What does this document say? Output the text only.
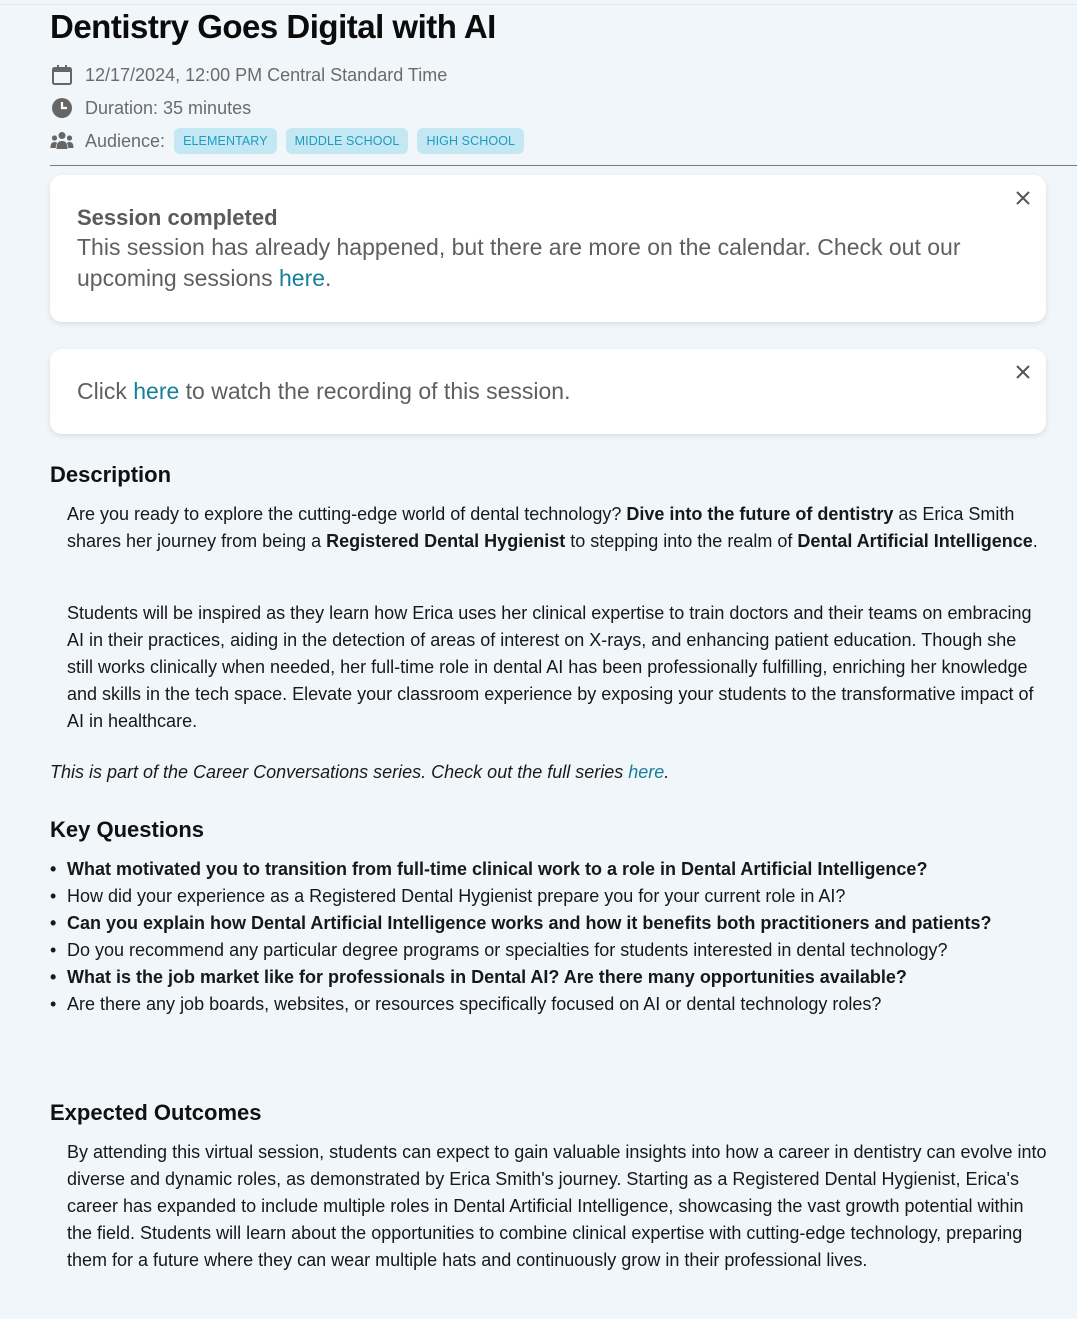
Dentistry Goes Digital with AI
12/17/2024, 12:00 PM Central Standard Time
Duration: 35 minutes
Audience:	ELEMENTARY	MIDDLE SCHOOL	HIGH SCHOOL
Session completed
This session has already happened, but there are more on the calendar. Check out our upcoming sessions here.
Click here to watch the recording of this session.
Description

Are you ready to explore the cutting-edge world of dental technology? Dive into the future of dentistry as Erica Smith shares her journey from being a Registered Dental Hygienist to stepping into the realm of Dental Artificial Intelligence.

Students will be inspired as they learn how Erica uses her clinical expertise to train doctors and their teams on embracing AI in their practices, aiding in the detection of areas of interest on X-rays, and enhancing patient education. Though she still works clinically when needed, her full-time role in dental AI has been professionally fulfilling, enriching her knowledge and skills in the tech space. Elevate your classroom experience by exposing your students to the transformative impact of AI in healthcare.

This is part of the Career Conversations series. Check out the full series here.

Key Questions
• What motivated you to transition from full-time clinical work to a role in Dental Artificial Intelligence?
• How did your experience as a Registered Dental Hygienist prepare you for your current role in AI?
• Can you explain how Dental Artificial Intelligence works and how it benefits both practitioners and patients?
• Do you recommend any particular degree programs or specialties for students interested in dental technology?
• What is the job market like for professionals in Dental AI? Are there many opportunities available?
• Are there any job boards, websites, or resources specifically focused on AI or dental technology roles?
Expected Outcomes

By attending this virtual session, students can expect to gain valuable insights into how a career in dentistry can evolve into diverse and dynamic roles, as demonstrated by Erica Smith's journey. Starting as a Registered Dental Hygienist, Erica's career has expanded to include multiple roles in Dental Artificial Intelligence, showcasing the vast growth potential within the field. Students will learn about the opportunities to combine clinical expertise with cutting-edge technology, preparing them for a future where they can wear multiple hats and continuously grow in their professional lives.
